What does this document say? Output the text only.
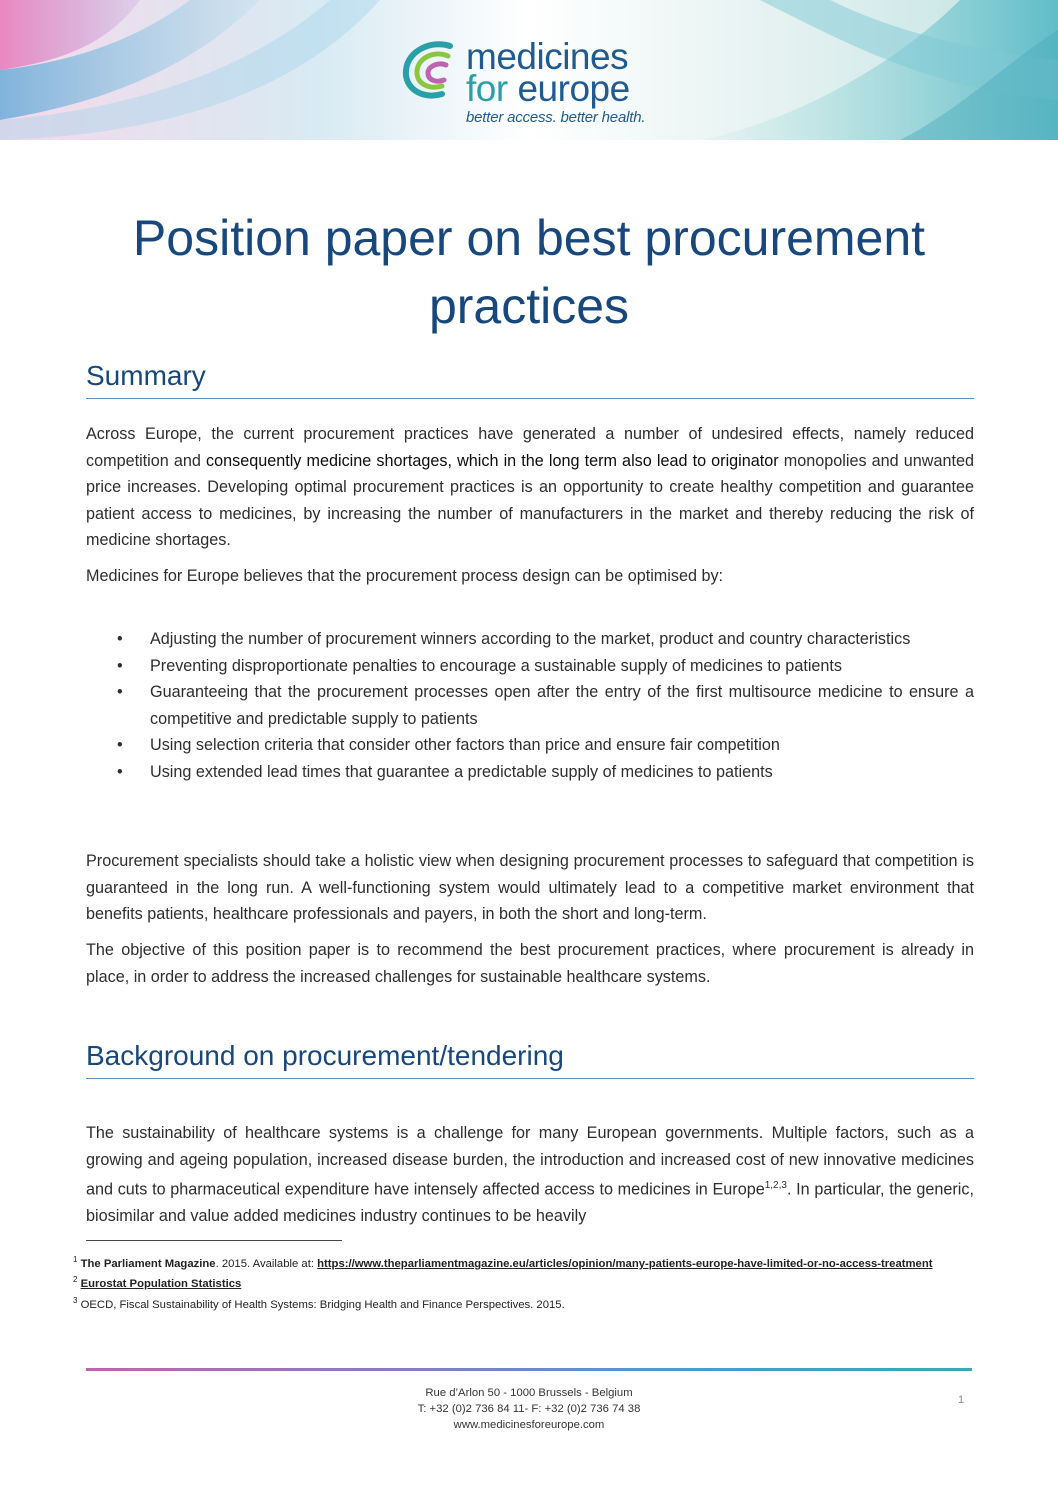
medicines
for europe
better access. better health.
Position paper on best procurement practices
Summary

Across Europe, the current procurement practices have generated a number of undesired effects, namely reduced competition and consequently medicine shortages, which in the long term also lead to originator monopolies and unwanted price increases. Developing optimal procurement practices is an opportunity to create healthy competition and guarantee patient access to medicines, by increasing the number of manufacturers in the market and thereby reducing the risk of medicine shortages.

Medicines for Europe believes that the procurement process design can be optimised by:

• Adjusting the number of procurement winners according to the market, product and country characteristics
• Preventing disproportionate penalties to encourage a sustainable supply of medicines to patients
• Guaranteeing that the procurement processes open after the entry of the first multisource medicine to ensure a competitive and predictable supply to patients
• Using selection criteria that consider other factors than price and ensure fair competition
• Using extended lead times that guarantee a predictable supply of medicines to patients

Procurement specialists should take a holistic view when designing procurement processes to safeguard that competition is guaranteed in the long run. A well-functioning system would ultimately lead to a competitive market environment that benefits patients, healthcare professionals and payers, in both the short and long-term.

The objective of this position paper is to recommend the best procurement practices, where procurement is already in place, in order to address the increased challenges for sustainable healthcare systems.

Background on procurement/tendering

The sustainability of healthcare systems is a challenge for many European governments. Multiple factors, such as a growing and ageing population, increased disease burden, the introduction and increased cost of new innovative medicines and cuts to pharmaceutical expenditure have intensely affected access to medicines in Europe$^{1,2,3}$. In particular, the generic, biosimilar and value added medicines industry continues to be heavily

$^1$ The Parliament Magazine. 2015. Available at: https://www.theparliamentmagazine.eu/articles/opinion/many-patients-europe-have-limited-or-no-access-treatment

$^2$ Eurostat Population Statistics

$^3$ OECD, Fiscal Sustainability of Health Systems: Bridging Health and Finance Perspectives. 2015.

Rue d’Arlon 50 - 1000 Brussels - Belgium

T: +32 (0)2 736 84 11- F: +32 (0)2 736 74 38

www.medicinesforeurope.com

1
